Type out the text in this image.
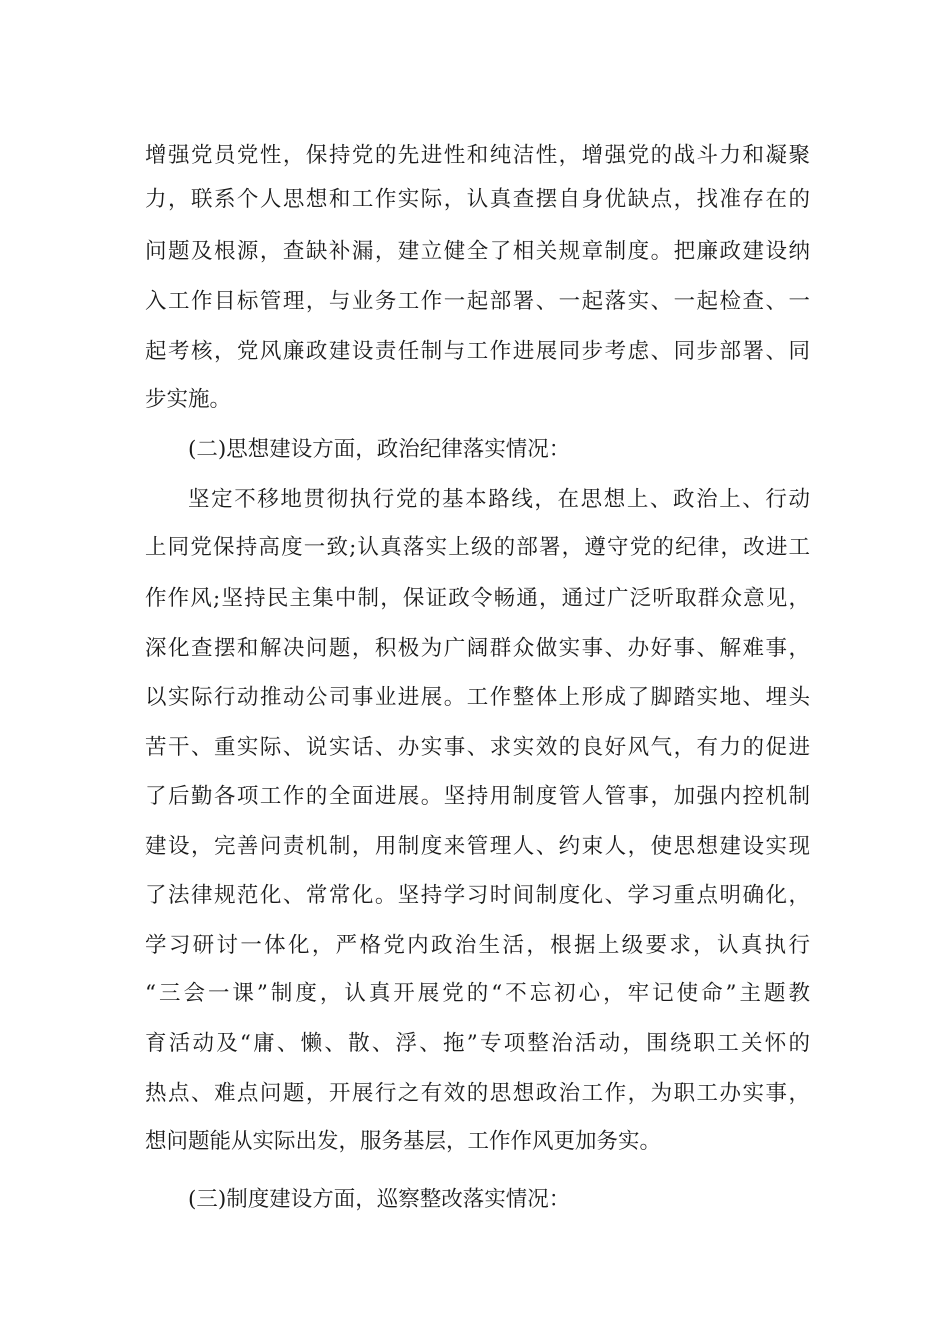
增强党员党性，保持党的先进性和纯洁性，增强党的战斗力和凝聚
力，联系个人思想和工作实际，认真查摆自身优缺点，找准存在的
问题及根源，查缺补漏，建立健全了相关规章制度。把廉政建设纳
入工作目标管理，与业务工作一起部署、一起落实、一起检查、一
起考核，党风廉政建设责任制与工作进展同步考虑、同步部署、同
步实施。
(二)思想建设方面，政治纪律落实情况：
坚定不移地贯彻执行党的基本路线，在思想上、政治上、行动
上同党保持高度一致;认真落实上级的部署，遵守党的纪律，改进工
作作风;坚持民主集中制，保证政令畅通，通过广泛听取群众意见，
深化查摆和解决问题，积极为广阔群众做实事、办好事、解难事，
以实际行动推动公司事业进展。工作整体上形成了脚踏实地、埋头
苦干、重实际、说实话、办实事、求实效的良好风气，有力的促进
了后勤各项工作的全面进展。坚持用制度管人管事，加强内控机制
建设，完善问责机制，用制度来管理人、约束人，使思想建设实现
了法律规范化、常常化。坚持学习时间制度化、学习重点明确化，
学习研讨一体化，严格党内政治生活，根据上级要求，认真执行
“三会一课”制度，认真开展党的“不忘初心，牢记使命”主题教
育活动及“庸、懒、散、浮、拖”专项整治活动，围绕职工关怀的
热点、难点问题，开展行之有效的思想政治工作，为职工办实事，
想问题能从实际出发，服务基层，工作作风更加务实。
(三)制度建设方面，巡察整改落实情况：
